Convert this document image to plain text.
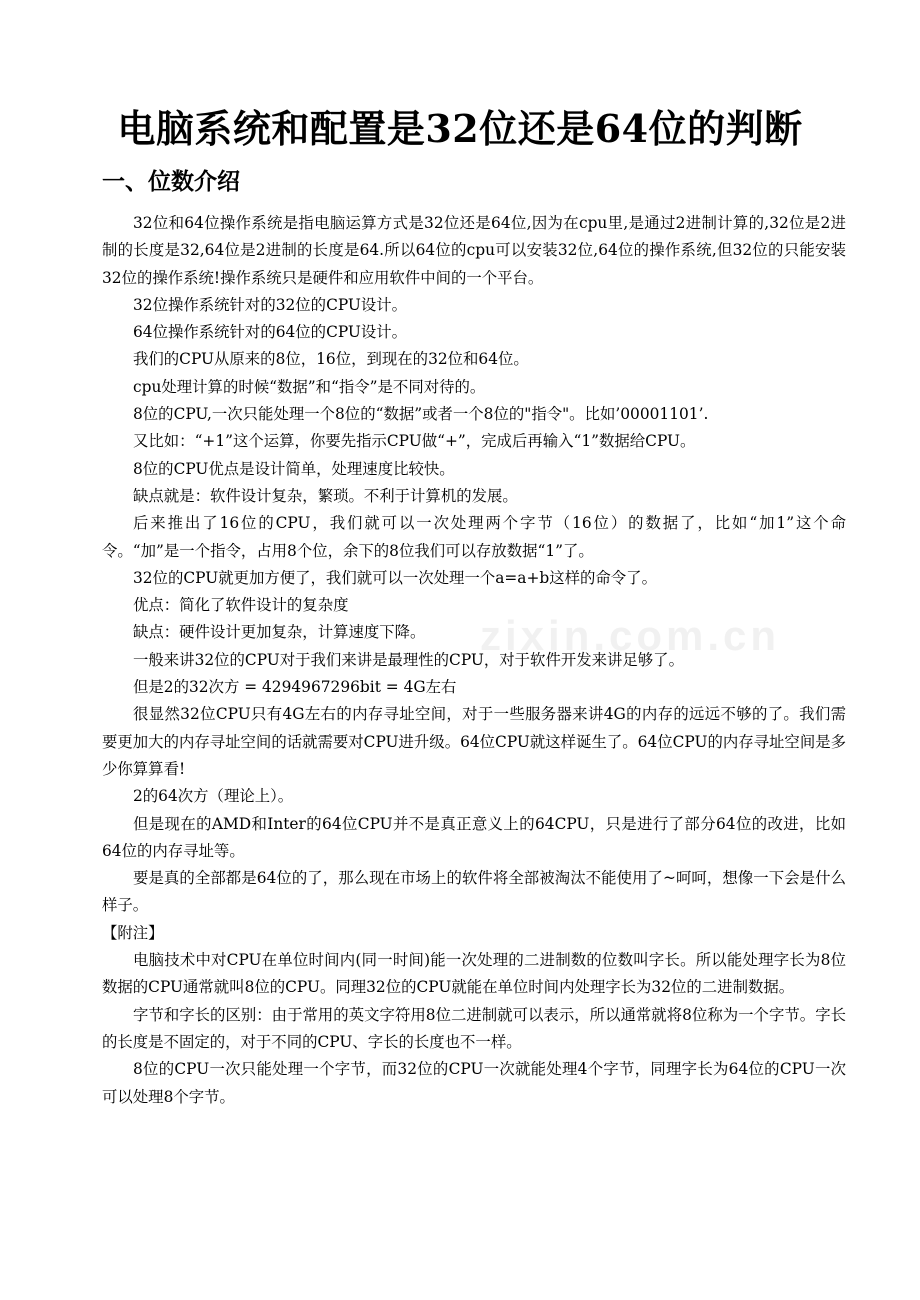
zixin.com.cn
电脑系统和配置是32位还是64位的判断
一、位数介绍

32位和64位操作系统是指电脑运算方式是32位还是64位,因为在cpu里,是通过2进制计算的,32位是2进制的长度是32,64位是2进制的长度是64.所以64位的cpu可以安装32位,64位的操作系统,但32位的只能安装32位的操作系统!操作系统只是硬件和应用软件中间的一个平台。

32位操作系统针对的32位的CPU设计。

64位操作系统针对的64位的CPU设计。

我们的CPU从原来的8位，16位，到现在的32位和64位。

cpu处理计算的时候“数据”和“指令”是不同对待的。

8位的CPU,一次只能处理一个8位的“数据”或者一个8位的"指令"。比如’00001101’.

又比如：“+1”这个运算，你要先指示CPU做“+”，完成后再输入“1”数据给CPU。

8位的CPU优点是设计简单，处理速度比较快。

缺点就是：软件设计复杂，繁琐。不利于计算机的发展。

后来推出了16位的CPU，我们就可以一次处理两个字节（16位）的数据了，比如“加1”这个命令。“加”是一个指令，占用8个位，余下的8位我们可以存放数据“1”了。

32位的CPU就更加方便了，我们就可以一次处理一个a=a+b这样的命令了。

优点：简化了软件设计的复杂度

缺点：硬件设计更加复杂，计算速度下降。

一般来讲32位的CPU对于我们来讲是最理性的CPU，对于软件开发来讲足够了。

但是2的32次方 = 4294967296bit = 4G左右

很显然32位CPU只有4G左右的内存寻址空间，对于一些服务器来讲4G的内存的远远不够的了。我们需要更加大的内存寻址空间的话就需要对CPU进升级。64位CPU就这样诞生了。64位CPU的内存寻址空间是多少你算算看!

2的64次方（理论上）。

但是现在的AMD和Inter的64位CPU并不是真正意义上的64CPU，只是进行了部分64位的改进，比如64位的内存寻址等。

要是真的全部都是64位的了，那么现在市场上的软件将全部被淘汰不能使用了~呵呵，想像一下会是什么样子。

【附注】

电脑技术中对CPU在单位时间内(同一时间)能一次处理的二进制数的位数叫字长。所以能处理字长为8位数据的CPU通常就叫8位的CPU。同理32位的CPU就能在单位时间内处理字长为32位的二进制数据。

字节和字长的区别：由于常用的英文字符用8位二进制就可以表示，所以通常就将8位称为一个字节。字长的长度是不固定的，对于不同的CPU、字长的长度也不一样。

8位的CPU一次只能处理一个字节，而32位的CPU一次就能处理4个字节，同理字长为64位的CPU一次可以处理8个字节。
